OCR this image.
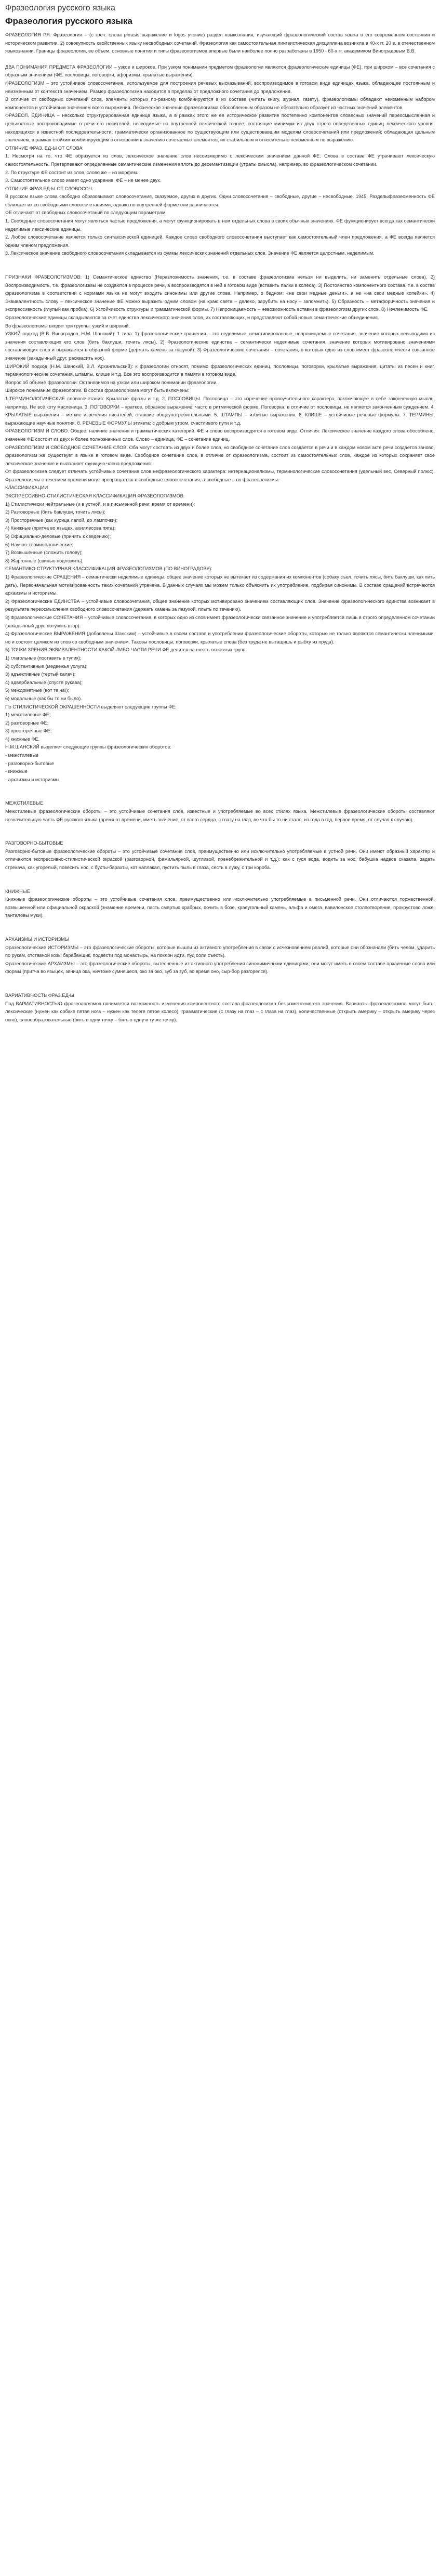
Фразеология русского языка
Фразеология русского языка

ФРАЗЕОЛОГИЯ РЯ. Фразеология – (с греч. слова phrasis выражение и logos учение) раздел языкознания, изучающий фразеологический состав языка в его современном состоянии и историческом развитии. 2) совокупность свойственных языку несвободных сочетаний. Фразеология как самостоятельная лингвистическая дисциплина возникла в 40-х гг. 20 в. в отечественном языкознании. Границы фразеологии, ее объем, основные понятия и типы фразеологизмов впервые были наиболее полно разработаны в 1950 - 60-х гг. академиком Виноградовым В.В.

ДВА ПОНИМАНИЯ ПРЕДМЕТА ФРАЗЕОЛОГИИ – узкое и широкое. При узком понимании предметом фразеологии являются фразеологические единицы (ФЕ), при широком – все сочетания с образным значением (ФЕ, пословицы, поговорки, афоризмы, крылатые выражения).

ФРАЗЕОЛОГИЗМ – это устойчивое словосочетание, используемое для построения речевых высказываний, воспроизводимое в готовом виде единицах языка, обладающее постоянным и неизменным от контекста значением. Размер фразеологизма находится в пределах от предложного сочетания до предложения.

В отличие от свободных сочетаний слов, элементы которых по-разному комбинируются в их составе (читать книгу, журнал, газету), фразеологизмы обладают неизменным набором компонентов и устойчивым значением всего выражения. Лексическое значение фразеологизма обособленным образом не обязательно образует из частных значений элементов.

ФРАЗЕОЛ. ЕДИНИЦА – несколько структурированная единица языка, а в рамках этого же ее историческое развитие постепенно компонентов словесных значений переосмысленная и цельностные воспроизводимые в речи его носителей, несводимые на внутренней лексической точнее; состоящие минимум из двух строго определенных единиц лексического уровня, находящихся в известной последовательности; грамматически организованное по существующим или существовавшим моделям словосочетаний или предложений; обладающая цельным значением, в рамках стойким комбинирующим в отношении к значению сочетаемых элементов, их стабильным и относительно неизменным по выражению.

ОТЛИЧИЕ ФРАЗ. ЕД-Ы ОТ СЛОВА

1. Несмотря на то, что ФЕ образуется из слов, лексическое значение слов несоизмеримо с лексическим значением данной ФЕ. Слова в составе ФЕ утрачивают лексическую самостоятельность. Претерпевают определенные семантические изменения вплоть до десемантизации (утраты смысла), например, во фразеологическом сочетании.

2. По структуре ФЕ состоит из слов, слово же – из морфем.

3. Самостоятельное слово имеет одно ударение, ФЕ – не менее двух.

ОТЛИЧИЕ ФРАЗ.ЕД-Ы ОТ СЛОВОСОЧ.

В русском языке слова свободно образовывают словосочетания, сказуемое, других в других. Одни словосочетания – свободные, другие – несвободные. 1945: Разделыфразеоменность ФЕ сближает их со свободными словосочетаниями, однако по внутренней форме они различаются.

ФЕ отличают от свободных словосочетаний по следующим параметрам.

1. Свободные словосочетания могут являться частью предложения, а могут функционировать в нем отдельных слова в своих обычных значениях. ФЕ функционирует всегда как семантически неделимые лексические единицы.

2. Любое словосочетание является только синтаксической единицей. Каждое слово свободного словосочетания выступает как самостоятельный член предложения, а ФЕ всегда является одним членом предложения.

3. Лексическое значение свободного словосочетания складывается из суммы лексических значений отдельных слов. Значение ФЕ является целостным, неделимым.

ПРИЗНАКИ ФРАЗЕОЛОГИЗМОВ: 1) Семантическое единство (Неразложимость значения, т.е. в составе фразеологизма нельзя ни выделить, ни заменить отдельные слова). 2) Воспроизводимость, т.е. фразеологизмы не создаются в процессе речи, а воспроизводятся в ней в готовом виде (вставить палки в колеса). 3) Постоянство компонентного состава, т.е. в состав фразеологизма в соответствии с нормами языка не могут входить синонимы или другие слова. Например, о бедном: «на свои медные деньги», а не «на свои медные копейки». 4) Эквивалентность слову – лексическое значение ФЕ можно выразить одним словом (на краю света – далеко, зарубить на носу – запомнить). 5) Образность – метафоричность значения и экспрессивность (глупый как пробка). 6) Устойчивость структуры и грамматической формы. 7) Непроницаемость – невозможность вставки в фразеологизм других слов. 8) Нечленимость ФЕ.

Фразеологические единицы складываются за счет единства лексического значения слов, их составляющих, и представляют собой новые семантические объединения.

Во фразеологизмы входят три группы: узкий и широкий.

УЗКИЙ подход (В.В. Виноградов, Н.М. Шанский): 1 типа: 1) фразеологические сращения – это неделимые, немотивированные, непроницаемые сочетания, значение которых невыводимо из значения составляющих его слов (бить баклуши, точить лясы). 2) Фразеологические единства – семантически неделимые сочетания, значение которых мотивировано значениями составляющих слов и выражается в образной форме (держать камень за пазухой). 3) Фразеологические сочетания – сочетания, в которых одно из слов имеет фразеологически связанное значение (закадычный друг, расквасить нос).

ШИРОКИЙ подход (Н.М. Шанский, В.Л. Архангельский): к фразеологии относят, помимо фразеологических единиц, пословицы, поговорки, крылатые выражения, цитаты из песен и книг, терминологические сочетания, штампы, клише и т.д. Все это воспроизводится в памяти в готовом виде.

Вопрос об объеме фразеологии: Остановимся на узком или широком понимании фразеологии.

Широкое понимание фразеологии. В состав фразеологизма могут быть включены:

1.ТЕРМИНОЛОГИЧЕСКИЕ словосочетания: Крылатые фразы и т.д. 2. ПОСЛОВИЦЫ. Пословица – это изречение нравоучительного характера, заключающее в себе законченную мысль, например, Не всё коту масленица. 3. ПОГОВОРКИ – краткое, образное выражение, часто в ритмической форме. Поговорка, в отличие от пословицы, не является законченным суждением. 4. КРЫЛАТЫЕ выражения – меткие изречения писателей, ставшие общеупотребительными. 5. ШТАМПЫ – избитые выражения. 6. КЛИШЕ – устойчивые речевые формулы. 7. ТЕРМИНЫ, выражающие научные понятия. 8. РЕЧЕВЫЕ ФОРМУЛЫ этикета: с добрым утром, счастливого пути и т.д.

ФРАЗЕОЛОГИЗМ И СЛОВО. Общее: наличие значения и грамматических категорий. ФЕ и слово воспроизводятся в готовом виде. Отличия: Лексическое значение каждого слова обособлено; значение ФЕ состоит из двух и более полнозначных слов. Слово – единица, ФЕ – сочетание единиц.

ФРАЗЕОЛОГИЗМ И СВОБОДНОЕ СОЧЕТАНИЕ СЛОВ. Оба могут состоять из двух и более слов, но свободное сочетание слов создается в речи и в каждом новом акте речи создается заново, фразеологизм же существует в языке в готовом виде. Свободное сочетание слов, в отличие от фразеологизма, состоит из самостоятельных слов, каждое из которых сохраняет свое лексическое значение и выполняет функцию члена предложения.

От фразеологизма следует отличать устойчивые сочетания слов нефразеологического характера: интернационализмы, терминологические словосочетания (удельный вес, Северный полюс). Фразеологизмы с течением времени могут превращаться в свободные словосочетания, а свободные – во фразеологизмы.

КЛАССИФИКАЦИИ

ЭКСПРЕССИВНО-СТИЛИСТИЧЕСКАЯ КЛАССИФИКАЦИЯ ФРАЗЕОЛОГИЗМОВ:

1) Стилистически нейтральные (и в устной, и в письменной речи: время от времени);

2) Разговорные (бить баклуши, точить лясы);

3) Просторечные (как курица лапой, до лампочки);

4) Книжные (притча во языцех, ахиллесова пята);

5) Официально-деловые (принять к сведению);

6) Научно-терминологические;

7) Возвышенные (сложить голову);

8) Жаргонные (свинью подложить).

СЕМАНТИКО-СТРУКТУРНАЯ КЛАССИФИКАЦИЯ ФРАЗЕОЛОГИЗМОВ (ПО ВИНОГРАДОВУ):

1) Фразеологические СРАЩЕНИЯ – семантически неделимые единицы, общее значение которых не вытекает из содержания их компонентов (собаку съел, точить лясы, бить баклуши, как пить дать). Первоначальная мотивированность таких сочетаний утрачена. В данных случаях мы можем только объяснить их употребление, подбирая синонимы. В составе сращений встречаются архаизмы и историзмы.

2) Фразеологические ЕДИНСТВА – устойчивые словосочетания, общее значение которых мотивировано значением составляющих слов. Значение фразеологического единства возникает в результате переосмысления свободного словосочетания (держать камень за пазухой, плыть по течению).

3) Фразеологические СОЧЕТАНИЯ – устойчивые словосочетания, в которых одно из слов имеет фразеологически связанное значение и употребляется лишь в строго определенном сочетании (закадычный друг, потупить взор).

4) Фразеологические ВЫРАЖЕНИЯ (добавлены Шанским) – устойчивые в своем составе и употреблении фразеологические обороты, которые не только являются семантически членимыми, но и состоят целиком из слов со свободным значением. Таковы пословицы, поговорки, крылатые слова (без труда не вытащишь и рыбку из пруда).

5) ТОЧКИ ЗРЕНИЯ ЭКВИВАЛЕНТНОСТИ КАКОЙ-ЛИБО ЧАСТИ РЕЧИ ФЕ делятся на шесть основных групп:

1) глагольные (поставить в тупик);

2) субстантивные (медвежья услуга);

3) адъективные (тёртый калач);

4) адвербиальные (спустя рукава);

5) междометные (вот те на!);

6) модальные (как бы то ни было).

По СТИЛИСТИЧЕСКОЙ ОКРАШЕННОСТИ выделяют следующие группы ФЕ:

1) межстилевые ФЕ;

2) разговорные ФЕ;

3) просторечные ФЕ;

4) книжные ФЕ.

Н.М.ШАНСКИЙ выделяет следующие группы фразеологических оборотов:

- межстилевые

- разговорно-бытовые

- книжные

- архаизмы и историзмы

МЕЖСТИЛЕВЫЕ

Межстилевые фразеологические обороты – это устойчивые сочетания слов, известные и употребляемые во всех стилях языка. Межстилевые фразеологические обороты составляют незначительную часть ФЕ русского языка (время от времени, иметь значение, от всего сердца, с глазу на глаз, во что бы то ни стало, из года в год, первое время, от случая к случаю).

РАЗГОВОРНО-БЫТОВЫЕ

Разговорно-бытовые фразеологические обороты – это устойчивые сочетания слов, преимущественно или исключительно употребляемые в устной речи. Они имеют образный характер и отличаются экспрессивно-стилистической окраской (разговорной, фамильярной, шутливой, пренебрежительной и т.д.): как с гуся вода, водить за нос, бабушка надвое сказала, задать стрекача, как угорелый, повесить нос, с бухты-барахты, кот наплакал, пустить пыль в глаза, сесть в лужу, с три короба.

КНИЖНЫЕ

Книжные фразеологические обороты – это устойчивые сочетания слов, преимущественно или исключительно употребляемые в письменной речи. Они отличаются торжественной, возвышенной или официальной окраской (знамение времени, пасть смертью храбрых, почить в бозе, краеугольный камень, альфа и омега, вавилонское столпотворение, прокрустово ложе, танталовы муки).

АРХАИЗМЫ И ИСТОРИЗМЫ

Фразеологические ИСТОРИЗМЫ – это фразеологические обороты, которые вышли из активного употребления в связи с исчезновением реалий, которые они обозначали (бить челом, ударить по рукам, отставной козы барабанщик, подвести под монастырь, на поклон идти, пуд соли съесть).

Фразеологические АРХАИЗМЫ – это фразеологические обороты, вытесненные из активного употребления синонимичными единицами; они могут иметь в своем составе архаичные слова или формы (притча во языцех, зеница ока, ничтоже сумняшеся, око за око, зуб за зуб, во время оно, сыр-бор разгорелся).

ВАРИАТИВНОСТЬ ФРАЗ.ЕД-Ы

Под ВАРИАТИВНОСТЬЮ фразеологизмов понимается возможность изменения компонентного состава фразеологизма без изменения его значения. Варианты фразеологизмов могут быть: лексические (нужен как собаке пятая нога – нужен как телеге пятое колесо), грамматические (с глазу на глаз – с глаза на глаз), количественные (открыть америку – открыть америку через окно), словообразовательные (бить в одну точку – бить в одну и ту же точку).
